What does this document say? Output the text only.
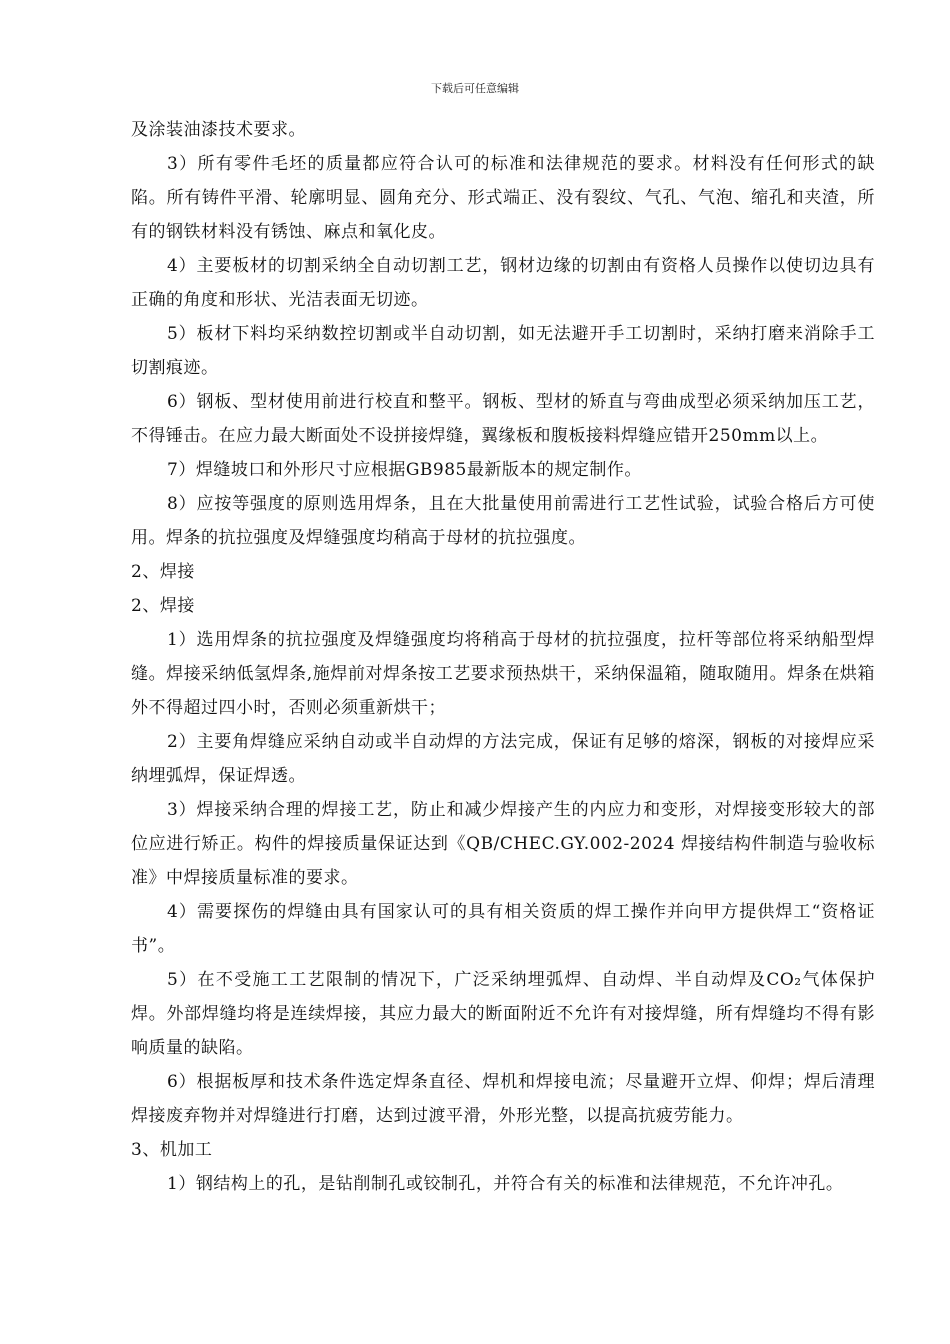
下载后可任意编辑

及涂装油漆技术要求。

3）所有零件毛坯的质量都应符合认可的标准和法律规范的要求。材料没有任何形式的缺陷。所有铸件平滑、轮廓明显、圆角充分、形式端正、没有裂纹、气孔、气泡、缩孔和夹渣，所有的钢铁材料没有锈蚀、麻点和氧化皮。

4）主要板材的切割采纳全自动切割工艺，钢材边缘的切割由有资格人员操作以使切边具有正确的角度和形状、光洁表面无切迹。

5）板材下料均采纳数控切割或半自动切割，如无法避开手工切割时，采纳打磨来消除手工切割痕迹。

6）钢板、型材使用前进行校直和整平。钢板、型材的矫直与弯曲成型必须采纳加压工艺，不得锤击。在应力最大断面处不设拼接焊缝，翼缘板和腹板接料焊缝应错开250mm以上。

7）焊缝坡口和外形尺寸应根据GB985最新版本的规定制作。

8）应按等强度的原则选用焊条，且在大批量使用前需进行工艺性试验，试验合格后方可使用。焊条的抗拉强度及焊缝强度均稍高于母材的抗拉强度。

2、焊接

2、焊接

1）选用焊条的抗拉强度及焊缝强度均将稍高于母材的抗拉强度，拉杆等部位将采纳船型焊缝。焊接采纳低氢焊条,施焊前对焊条按工艺要求预热烘干，采纳保温箱，随取随用。焊条在烘箱外不得超过四小时，否则必须重新烘干；

2）主要角焊缝应采纳自动或半自动焊的方法完成，保证有足够的熔深，钢板的对接焊应采纳埋弧焊，保证焊透。

3）焊接采纳合理的焊接工艺，防止和减少焊接产生的内应力和变形，对焊接变形较大的部位应进行矫正。构件的焊接质量保证达到《QB/CHEC.GY.002-2024 焊接结构件制造与验收标准》中焊接质量标准的要求。

4）需要探伤的焊缝由具有国家认可的具有相关资质的焊工操作并向甲方提供焊工“资格证书”。

5）在不受施工工艺限制的情况下，广泛采纳埋弧焊、自动焊、半自动焊及CO₂气体保护焊。外部焊缝均将是连续焊接，其应力最大的断面附近不允许有对接焊缝，所有焊缝均不得有影响质量的缺陷。

6）根据板厚和技术条件选定焊条直径、焊机和焊接电流；尽量避开立焊、仰焊；焊后清理焊接废弃物并对焊缝进行打磨，达到过渡平滑，外形光整，以提高抗疲劳能力。

3、机加工

1）钢结构上的孔，是钻削制孔或铰制孔，并符合有关的标准和法律规范，不允许冲孔。
